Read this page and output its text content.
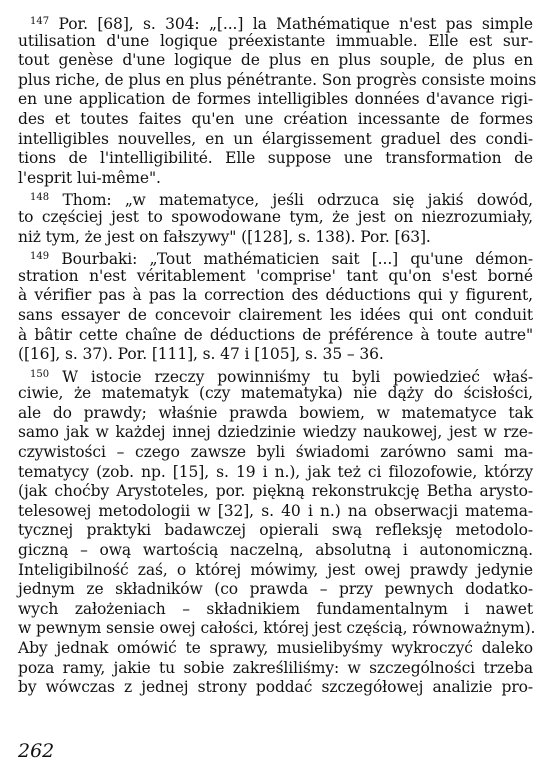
$^{147}$ Por. [68], s. 304: „[...] la Mathématique n'est pas simple
utilisation d'une logique préexistante immuable. Elle est sur-
tout genèse d'une logique de plus en plus souple, de plus en
plus riche, de plus en plus pénétrante. Son progrès consiste moins
en une application de formes intelligibles données d'avance rigi-
des et toutes faites qu'en une création incessante de formes
intelligibles nouvelles, en un élargissement graduel des condi-
tions de l'intelligibilité. Elle suppose une transformation de
l'esprit lui-même".
$^{148}$ Thom: „w matematyce, jeśli odrzuca się jakiś dowód,
to częściej jest to spowodowane tym, że jest on niezrozumiały,
niż tym, że jest on fałszywy" ([128], s. 138). Por. [63].
$^{149}$ Bourbaki: „Tout mathématicien sait [...] qu'une démon-
stration n'est véritablement 'comprise' tant qu'on s'est borné
à vérifier pas à pas la correction des déductions qui y figurent,
sans essayer de concevoir clairement les idées qui ont conduit
à bâtir cette chaîne de déductions de préférence à toute autre"
([16], s. 37). Por. [111], s. 47 i [105], s. 35 – 36.
$^{150}$ W istocie rzeczy powinniśmy tu byli powiedzieć właś-
ciwie, że matematyk (czy matematyka) nie dąży do ścisłości,
ale do prawdy; właśnie prawda bowiem, w matematyce tak
samo jak w każdej innej dziedzinie wiedzy naukowej, jest w rze-
czywistości – czego zawsze byli świadomi zarówno sami ma-
tematycy (zob. np. [15], s. 19 i n.), jak też ci filozofowie, którzy
(jak choćby Arystoteles, por. piękną rekonstrukcję Betha arysto-
telesowej metodologii w [32], s. 40 i n.) na obserwacji matema-
tycznej praktyki badawczej opierali swą refleksję metodolo-
giczną – ową wartością naczelną, absolutną i autonomiczną.
Inteligibilność zaś, o której mówimy, jest owej prawdy jedynie
jednym ze składników (co prawda – przy pewnych dodatko-
wych założeniach – składnikiem fundamentalnym i nawet
w pewnym sensie owej całości, której jest częścią, równoważnym).
Aby jednak omówić te sprawy, musielibyśmy wykroczyć daleko
poza ramy, jakie tu sobie zakreśliliśmy: w szczególności trzeba
by wówczas z jednej strony poddać szczegółowej analizie pro-
262
